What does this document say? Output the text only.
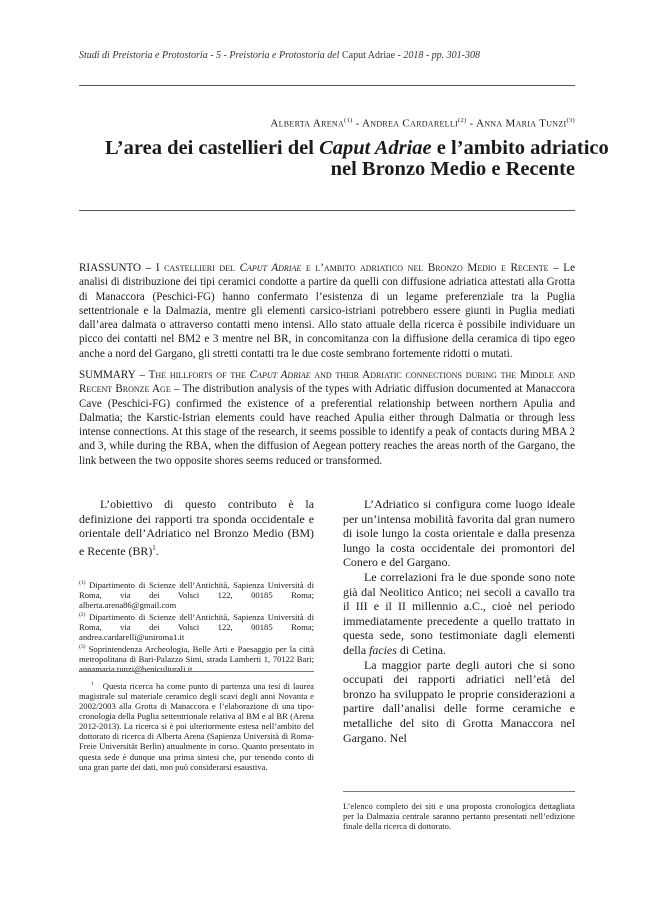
Studi di Preistoria e Protostoria - 5 - Preistoria e Protostoria del Caput Adriae - 2018 - pp. 301-308
Alberta Arena$^{(1)}$ - Andrea Cardarelli$^{(2)}$ - Anna Maria Tunzi$^{(3)}$
L’area dei castellieri del Caput Adriae e l’ambito adriatico
nel Bronzo Medio e Recente
RIASSUNTO – I castellieri del Caput Adriae e l’ambito adriatico nel Bronzo Medio e Recente – Le analisi di distribuzione dei tipi ceramici condotte a partire da quelli con diffusione adriatica attestati alla Grotta di Manaccora (Peschici-FG) hanno confermato l’esistenza di un legame preferenziale tra la Puglia settentrionale e la Dalmazia, mentre gli elementi carsico-istriani potrebbero essere giunti in Puglia mediati dall’area dalmata o attraverso contatti meno intensi. Allo stato attuale della ricerca è possibile individuare un picco dei contatti nel BM2 e 3 mentre nel BR, in concomitanza con la diffusione della ceramica di tipo egeo anche a nord del Gargano, gli stretti contatti tra le due coste sembrano fortemente ridotti o mutati.
SUMMARY – The hillforts of the Caput Adriae and their Adriatic connections during the Middle and Recent Bronze Age – The distribution analysis of the types with Adriatic diffusion documented at Manaccora Cave (Peschici-FG) confirmed the existence of a preferential relationship between northern Apulia and Dalmatia; the Karstic-Istrian elements could have reached Apulia either through Dalmatia or through less intense connections. At this stage of the research, it seems possible to identify a peak of contacts during MBA 2 and 3, while during the RBA, when the diffusion of Aegean pottery reaches the areas north of the Gargano, the link between the two opposite shores seems reduced or transformed.

L’obiettivo di questo contributo è la definizione dei rapporti tra sponda occidentale e orientale dell’Adriatico nel Bronzo Medio (BM) e Recente (BR)$^1$.

$^{(1)}$ Dipartimento di Scienze dell’Antichità, Sapienza Università di Roma, via dei Volsci 122, 00185 Roma; alberta.arena86@gmail.com

$^{(2)}$ Dipartimento di Scienze dell’Antichità, Sapienza Università di Roma, via dei Volsci 122, 00185 Roma; andrea.cardarelli@uniroma1.it

$^{(3)}$ Soprintendenza Archeologia, Belle Arti e Paesaggio per la città metropolitana di Bari-Palazzo Simi, strada Lamberti 1, 70122 Bari; annamaria.tunzi@beniculturali.it

$^1$ Questa ricerca ha come punto di partenza una tesi di laurea magistrale sul materiale ceramico degli scavi degli anni Novanta e 2002/2003 alla Grotta di Manaccora e l’elaborazione di una tipo-cronologia della Puglia settentrionale relativa al BM e al BR (Arena 2012-2013). La ricerca si è poi ulteriormente estesa nell’ambito del dottorato di ricerca di Alberta Arena (Sapienza Università di Roma-Freie Universität Berlin) attualmente in corso. Quanto presentato in questa sede è dunque una prima sintesi che, pur tenendo conto di una gran parte dei dati, non può considerarsi esaustiva.

L’Adriatico si configura come luogo ideale per un’intensa mobilità favorita dal gran numero di isole lungo la costa orientale e dalla presenza lungo la costa occidentale dei promontori del Conero e del Gargano.

Le correlazioni fra le due sponde sono note già dal Neolitico Antico; nei secoli a cavallo tra il III e il II millennio a.C., cioè nel periodo immediatamente precedente a quello trattato in questa sede, sono testimoniate dagli elementi della facies di Cetina.

La maggior parte degli autori che si sono occupati dei rapporti adriatici nell’età del bronzo ha sviluppato le proprie considerazioni a partire dall’analisi delle forme ceramiche e metalliche del sito di Grotta Manaccora nel Gargano. Nel

L’elenco completo dei siti e una proposta cronologica dettagliata per la Dalmazia centrale saranno pertanto presentati nell’edizione finale della ricerca di dottorato.
